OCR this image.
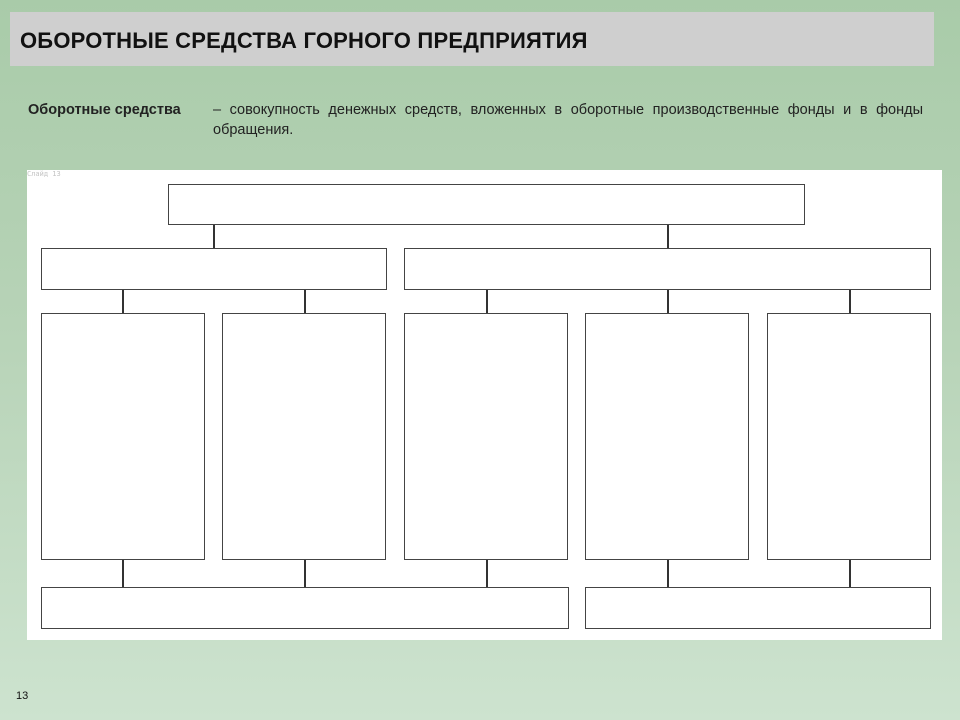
ОБОРОТНЫЕ СРЕДСТВА ГОРНОГО ПРЕДПРИЯТИЯ
Оборотные средства – совокупность денежных средств, вложенных в оборотные производственные фонды и в фонды обращения.
Слайд 13
13
